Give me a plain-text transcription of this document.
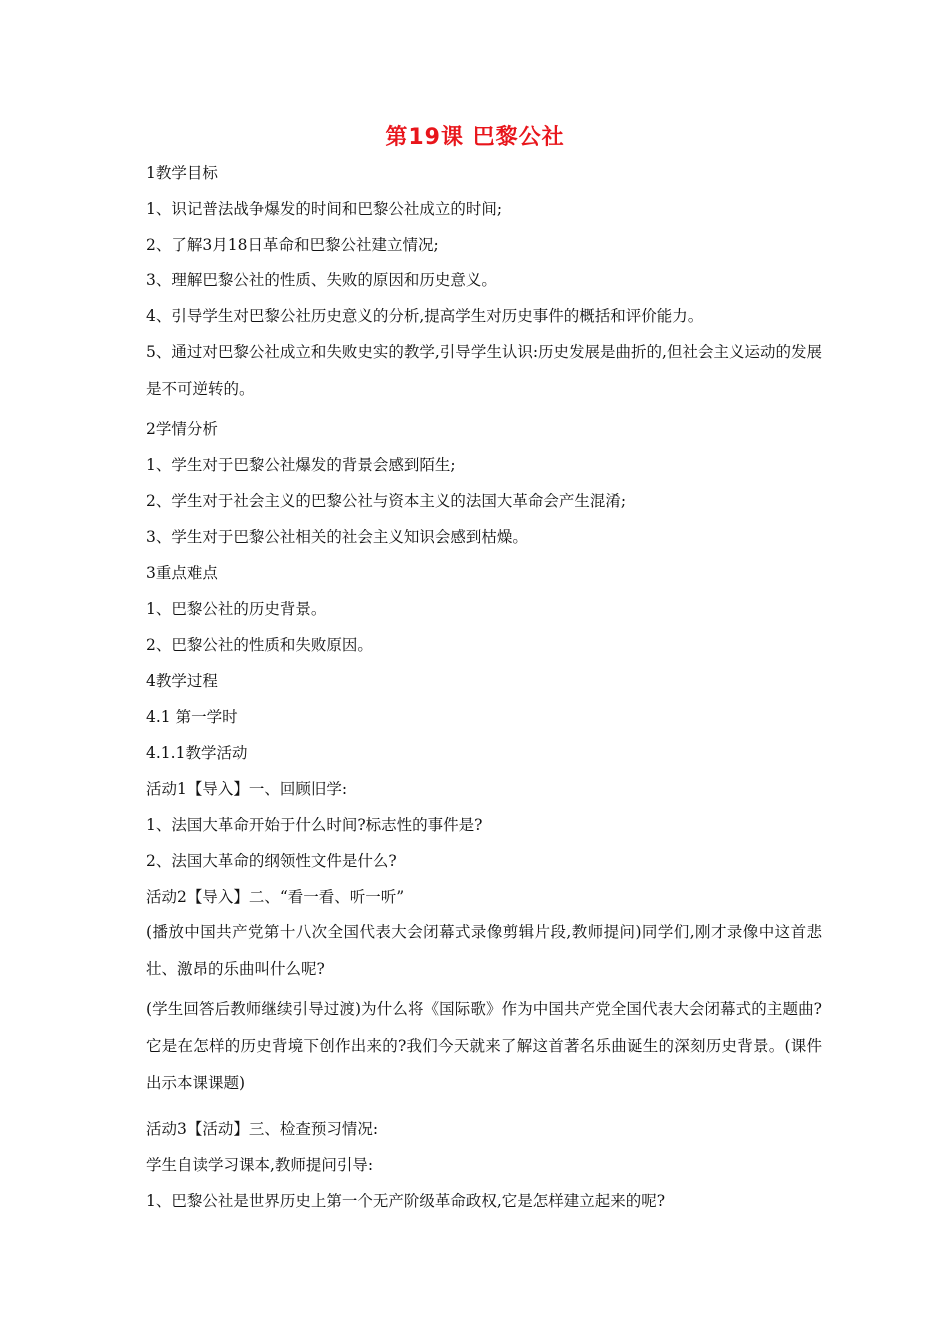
第19课 巴黎公社
1教学目标
1、识记普法战争爆发的时间和巴黎公社成立的时间;
2、了解3月18日革命和巴黎公社建立情况;
3、理解巴黎公社的性质、失败的原因和历史意义。
4、引导学生对巴黎公社历史意义的分析,提高学生对历史事件的概括和评价能力。
5、通过对巴黎公社成立和失败史实的教学,引导学生认识:历史发展是曲折的,但社会主义运动的发展是不可逆转的。
2学情分析
1、学生对于巴黎公社爆发的背景会感到陌生;
2、学生对于社会主义的巴黎公社与资本主义的法国大革命会产生混淆;
3、学生对于巴黎公社相关的社会主义知识会感到枯燥。
3重点难点
1、巴黎公社的历史背景。
2、巴黎公社的性质和失败原因。
4教学过程
4.1 第一学时
4.1.1教学活动
活动1【导入】一、回顾旧学:
1、法国大革命开始于什么时间?标志性的事件是?
2、法国大革命的纲领性文件是什么?
活动2【导入】二、“看一看、听一听”
(播放中国共产党第十八次全国代表大会闭幕式录像剪辑片段,教师提问)同学们,刚才录像中这首悲壮、激昂的乐曲叫什么呢?
(学生回答后教师继续引导过渡)为什么将《国际歌》作为中国共产党全国代表大会闭幕式的主题曲?它是在怎样的历史背境下创作出来的?我们今天就来了解这首著名乐曲诞生的深刻历史背景。(课件出示本课课题)
活动3【活动】三、检查预习情况:
学生自读学习课本,教师提问引导:
1、巴黎公社是世界历史上第一个无产阶级革命政权,它是怎样建立起来的呢?
